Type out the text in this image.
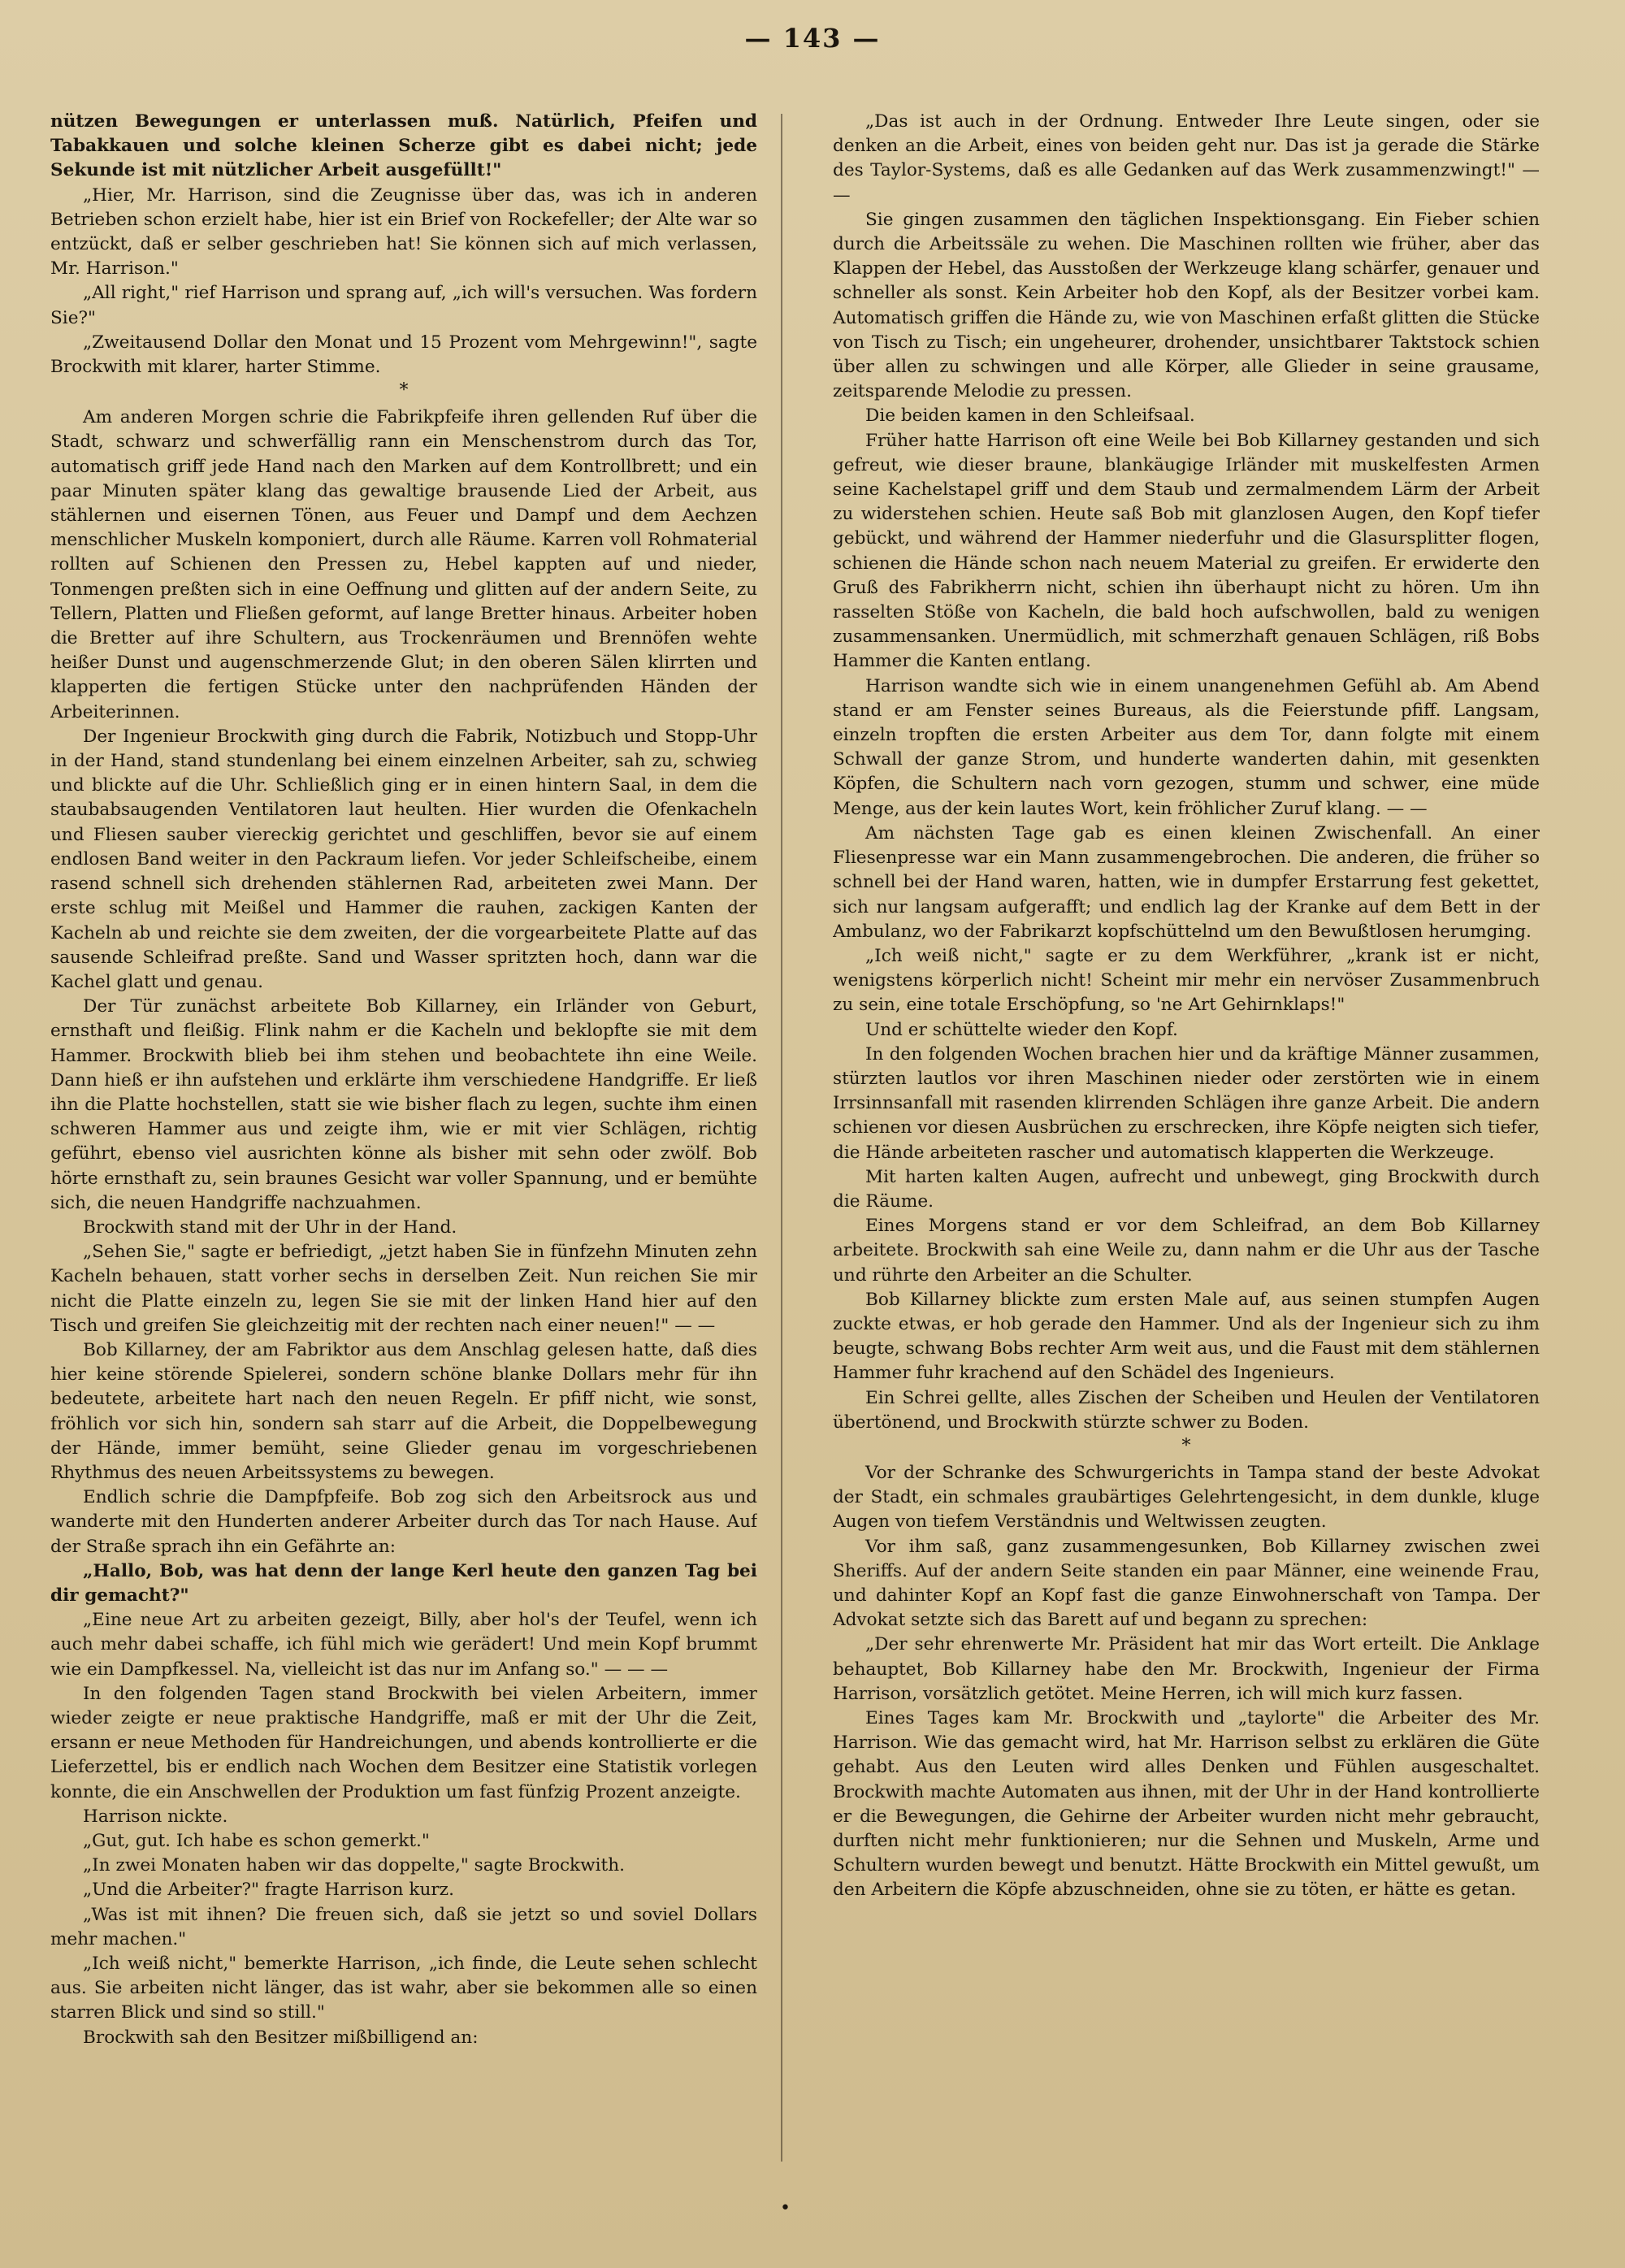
— 143 —

nützen Bewegungen er unterlassen muß. Natürlich, Pfeifen und Tabakkauen und solche kleinen Scherze gibt es dabei nicht; jede Sekunde ist mit nützlicher Arbeit ausgefüllt!"

„Hier, Mr. Harrison, sind die Zeugnisse über das, was ich in anderen Betrieben schon erzielt habe, hier ist ein Brief von Rockefeller; der Alte war so entzückt, daß er selber geschrieben hat! Sie können sich auf mich verlassen, Mr. Harrison."

„All right," rief Harrison und sprang auf, „ich will's versuchen. Was fordern Sie?"

„Zweitausend Dollar den Monat und 15 Prozent vom Mehrgewinn!", sagte Brockwith mit klarer, harter Stimme.

*

Am anderen Morgen schrie die Fabrikpfeife ihren gellenden Ruf über die Stadt, schwarz und schwerfällig rann ein Menschenstrom durch das Tor, automatisch griff jede Hand nach den Marken auf dem Kontrollbrett; und ein paar Minuten später klang das gewaltige brausende Lied der Arbeit, aus stählernen und eisernen Tönen, aus Feuer und Dampf und dem Aechzen menschlicher Muskeln komponiert, durch alle Räume. Karren voll Rohmaterial rollten auf Schienen den Pressen zu, Hebel kappten auf und nieder, Tonmengen preßten sich in eine Oeffnung und glitten auf der andern Seite, zu Tellern, Platten und Fließen geformt, auf lange Bretter hinaus. Arbeiter hoben die Bretter auf ihre Schultern, aus Trockenräumen und Brennöfen wehte heißer Dunst und augenschmerzende Glut; in den oberen Sälen klirrten und klapperten die fertigen Stücke unter den nachprüfenden Händen der Arbeiterinnen.

Der Ingenieur Brockwith ging durch die Fabrik, Notizbuch und Stopp-Uhr in der Hand, stand stundenlang bei einem einzelnen Arbeiter, sah zu, schwieg und blickte auf die Uhr. Schließlich ging er in einen hintern Saal, in dem die staubabsaugenden Ventilatoren laut heulten. Hier wurden die Ofenkacheln und Fliesen sauber viereckig gerichtet und geschliffen, bevor sie auf einem endlosen Band weiter in den Packraum liefen. Vor jeder Schleifscheibe, einem rasend schnell sich drehenden stählernen Rad, arbeiteten zwei Mann. Der erste schlug mit Meißel und Hammer die rauhen, zackigen Kanten der Kacheln ab und reichte sie dem zweiten, der die vorgearbeitete Platte auf das sausende Schleifrad preßte. Sand und Wasser spritzten hoch, dann war die Kachel glatt und genau.

Der Tür zunächst arbeitete Bob Killarney, ein Irländer von Geburt, ernsthaft und fleißig. Flink nahm er die Kacheln und beklopfte sie mit dem Hammer. Brockwith blieb bei ihm stehen und beobachtete ihn eine Weile. Dann hieß er ihn aufstehen und erklärte ihm verschiedene Handgriffe. Er ließ ihn die Platte hochstellen, statt sie wie bisher flach zu legen, suchte ihm einen schweren Hammer aus und zeigte ihm, wie er mit vier Schlägen, richtig geführt, ebenso viel ausrichten könne als bisher mit sehn oder zwölf. Bob hörte ernsthaft zu, sein braunes Gesicht war voller Spannung, und er bemühte sich, die neuen Handgriffe nachzuahmen.

Brockwith stand mit der Uhr in der Hand.

„Sehen Sie," sagte er befriedigt, „jetzt haben Sie in fünfzehn Minuten zehn Kacheln behauen, statt vorher sechs in derselben Zeit. Nun reichen Sie mir nicht die Platte einzeln zu, legen Sie sie mit der linken Hand hier auf den Tisch und greifen Sie gleichzeitig mit der rechten nach einer neuen!" — —

Bob Killarney, der am Fabriktor aus dem Anschlag gelesen hatte, daß dies hier keine störende Spielerei, sondern schöne blanke Dollars mehr für ihn bedeutete, arbeitete hart nach den neuen Regeln. Er pfiff nicht, wie sonst, fröhlich vor sich hin, sondern sah starr auf die Arbeit, die Doppelbewegung der Hände, immer bemüht, seine Glieder genau im vorgeschriebenen Rhythmus des neuen Arbeitssystems zu bewegen.

Endlich schrie die Dampfpfeife. Bob zog sich den Arbeitsrock aus und wanderte mit den Hunderten anderer Arbeiter durch das Tor nach Hause. Auf der Straße sprach ihn ein Gefährte an:

„Hallo, Bob, was hat denn der lange Kerl heute den ganzen Tag bei dir gemacht?"

„Eine neue Art zu arbeiten gezeigt, Billy, aber hol's der Teufel, wenn ich auch mehr dabei schaffe, ich fühl mich wie gerädert! Und mein Kopf brummt wie ein Dampfkessel. Na, vielleicht ist das nur im Anfang so." — — —

In den folgenden Tagen stand Brockwith bei vielen Arbeitern, immer wieder zeigte er neue praktische Handgriffe, maß er mit der Uhr die Zeit, ersann er neue Methoden für Handreichungen, und abends kontrollierte er die Lieferzettel, bis er endlich nach Wochen dem Besitzer eine Statistik vorlegen konnte, die ein Anschwellen der Produktion um fast fünfzig Prozent anzeigte.

Harrison nickte.

„Gut, gut. Ich habe es schon gemerkt."

„In zwei Monaten haben wir das doppelte," sagte Brockwith.

„Und die Arbeiter?" fragte Harrison kurz.

„Was ist mit ihnen? Die freuen sich, daß sie jetzt so und soviel Dollars mehr machen."

„Ich weiß nicht," bemerkte Harrison, „ich finde, die Leute sehen schlecht aus. Sie arbeiten nicht länger, das ist wahr, aber sie bekommen alle so einen starren Blick und sind so still."

Brockwith sah den Besitzer mißbilligend an:

„Das ist auch in der Ordnung. Entweder Ihre Leute singen, oder sie denken an die Arbeit, eines von beiden geht nur. Das ist ja gerade die Stärke des Taylor-Systems, daß es alle Gedanken auf das Werk zusammenzwingt!" — —

Sie gingen zusammen den täglichen Inspektionsgang. Ein Fieber schien durch die Arbeitssäle zu wehen. Die Maschinen rollten wie früher, aber das Klappen der Hebel, das Ausstoßen der Werkzeuge klang schärfer, genauer und schneller als sonst. Kein Arbeiter hob den Kopf, als der Besitzer vorbei kam. Automatisch griffen die Hände zu, wie von Maschinen erfaßt glitten die Stücke von Tisch zu Tisch; ein ungeheurer, drohender, unsichtbarer Taktstock schien über allen zu schwingen und alle Körper, alle Glieder in seine grausame, zeitsparende Melodie zu pressen.

Die beiden kamen in den Schleifsaal.

Früher hatte Harrison oft eine Weile bei Bob Killarney gestanden und sich gefreut, wie dieser braune, blankäugige Irländer mit muskelfesten Armen seine Kachelstapel griff und dem Staub und zermalmendem Lärm der Arbeit zu widerstehen schien. Heute saß Bob mit glanzlosen Augen, den Kopf tiefer gebückt, und während der Hammer niederfuhr und die Glasursplitter flogen, schienen die Hände schon nach neuem Material zu greifen. Er erwiderte den Gruß des Fabrikherrn nicht, schien ihn überhaupt nicht zu hören. Um ihn rasselten Stöße von Kacheln, die bald hoch aufschwollen, bald zu wenigen zusammensanken. Unermüdlich, mit schmerzhaft genauen Schlägen, riß Bobs Hammer die Kanten entlang.

Harrison wandte sich wie in einem unangenehmen Gefühl ab. Am Abend stand er am Fenster seines Bureaus, als die Feierstunde pfiff. Langsam, einzeln tropften die ersten Arbeiter aus dem Tor, dann folgte mit einem Schwall der ganze Strom, und hunderte wanderten dahin, mit gesenkten Köpfen, die Schultern nach vorn gezogen, stumm und schwer, eine müde Menge, aus der kein lautes Wort, kein fröhlicher Zuruf klang. — —

Am nächsten Tage gab es einen kleinen Zwischenfall. An einer Fliesenpresse war ein Mann zusammengebrochen. Die anderen, die früher so schnell bei der Hand waren, hatten, wie in dumpfer Erstarrung fest gekettet, sich nur langsam aufgerafft; und endlich lag der Kranke auf dem Bett in der Ambulanz, wo der Fabrikarzt kopfschüttelnd um den Bewußtlosen herumging.

„Ich weiß nicht," sagte er zu dem Werkführer, „krank ist er nicht, wenigstens körperlich nicht! Scheint mir mehr ein nervöser Zusammenbruch zu sein, eine totale Erschöpfung, so 'ne Art Gehirnklaps!"

Und er schüttelte wieder den Kopf.

In den folgenden Wochen brachen hier und da kräftige Männer zusammen, stürzten lautlos vor ihren Maschinen nieder oder zerstörten wie in einem Irrsinnsanfall mit rasenden klirrenden Schlägen ihre ganze Arbeit. Die andern schienen vor diesen Ausbrüchen zu erschrecken, ihre Köpfe neigten sich tiefer, die Hände arbeiteten rascher und automatisch klapperten die Werkzeuge.

Mit harten kalten Augen, aufrecht und unbewegt, ging Brockwith durch die Räume.

Eines Morgens stand er vor dem Schleifrad, an dem Bob Killarney arbeitete. Brockwith sah eine Weile zu, dann nahm er die Uhr aus der Tasche und rührte den Arbeiter an die Schulter.

Bob Killarney blickte zum ersten Male auf, aus seinen stumpfen Augen zuckte etwas, er hob gerade den Hammer. Und als der Ingenieur sich zu ihm beugte, schwang Bobs rechter Arm weit aus, und die Faust mit dem stählernen Hammer fuhr krachend auf den Schädel des Ingenieurs.

Ein Schrei gellte, alles Zischen der Scheiben und Heulen der Ventilatoren übertönend, und Brockwith stürzte schwer zu Boden.

*

Vor der Schranke des Schwurgerichts in Tampa stand der beste Advokat der Stadt, ein schmales graubärtiges Gelehrtengesicht, in dem dunkle, kluge Augen von tiefem Verständnis und Weltwissen zeugten.

Vor ihm saß, ganz zusammengesunken, Bob Killarney zwischen zwei Sheriffs. Auf der andern Seite standen ein paar Männer, eine weinende Frau, und dahinter Kopf an Kopf fast die ganze Einwohnerschaft von Tampa. Der Advokat setzte sich das Barett auf und begann zu sprechen:

„Der sehr ehrenwerte Mr. Präsident hat mir das Wort erteilt. Die Anklage behauptet, Bob Killarney habe den Mr. Brockwith, Ingenieur der Firma Harrison, vorsätzlich getötet. Meine Herren, ich will mich kurz fassen.

Eines Tages kam Mr. Brockwith und „taylorte" die Arbeiter des Mr. Harrison. Wie das gemacht wird, hat Mr. Harrison selbst zu erklären die Güte gehabt. Aus den Leuten wird alles Denken und Fühlen ausgeschaltet. Brockwith machte Automaten aus ihnen, mit der Uhr in der Hand kontrollierte er die Bewegungen, die Gehirne der Arbeiter wurden nicht mehr gebraucht, durften nicht mehr funktionieren; nur die Sehnen und Muskeln, Arme und Schultern wurden bewegt und benutzt. Hätte Brockwith ein Mittel gewußt, um den Arbeitern die Köpfe abzuschneiden, ohne sie zu töten, er hätte es getan.

•
